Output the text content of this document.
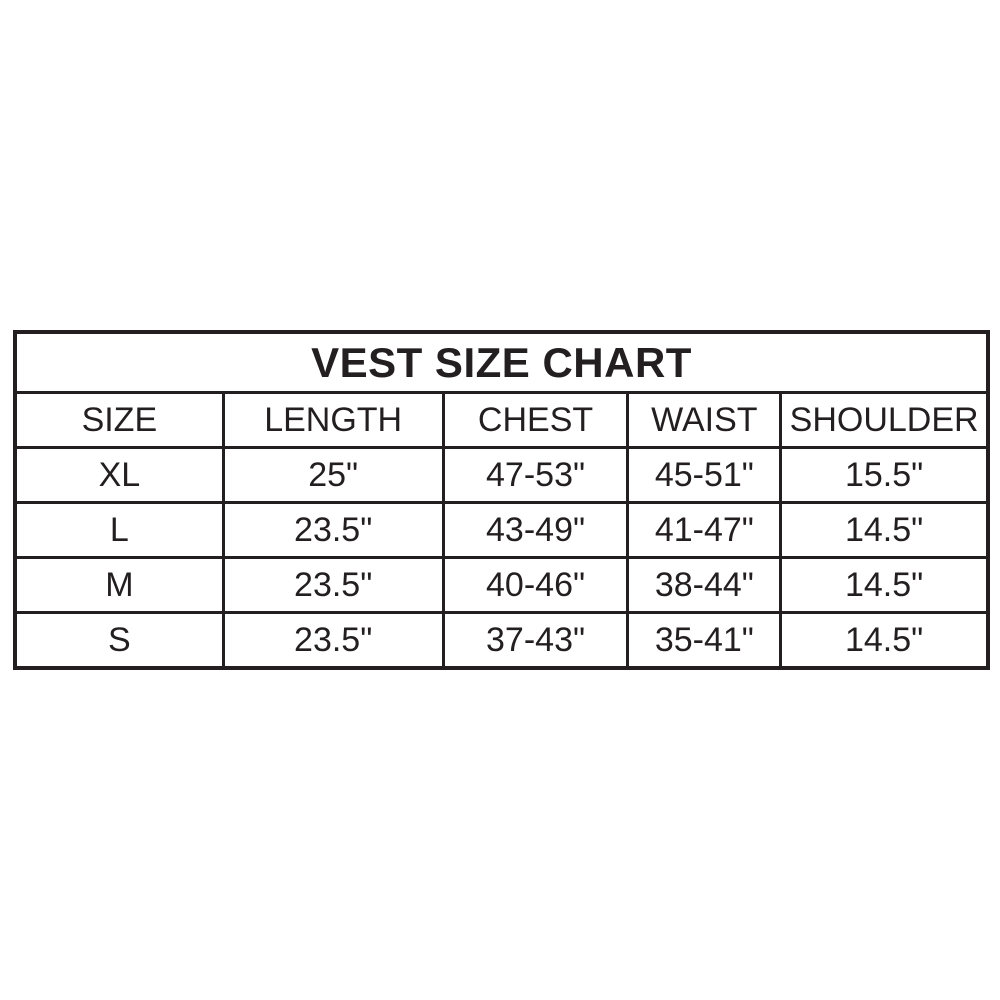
VEST SIZE CHART				
SIZE	LENGTH	CHEST	WAIST	SHOULDER
XL	25"	47-53"	45-51"	15.5"
L	23.5"	43-49"	41-47"	14.5"
M	23.5"	40-46"	38-44"	14.5"
S	23.5"	37-43"	35-41"	14.5"
